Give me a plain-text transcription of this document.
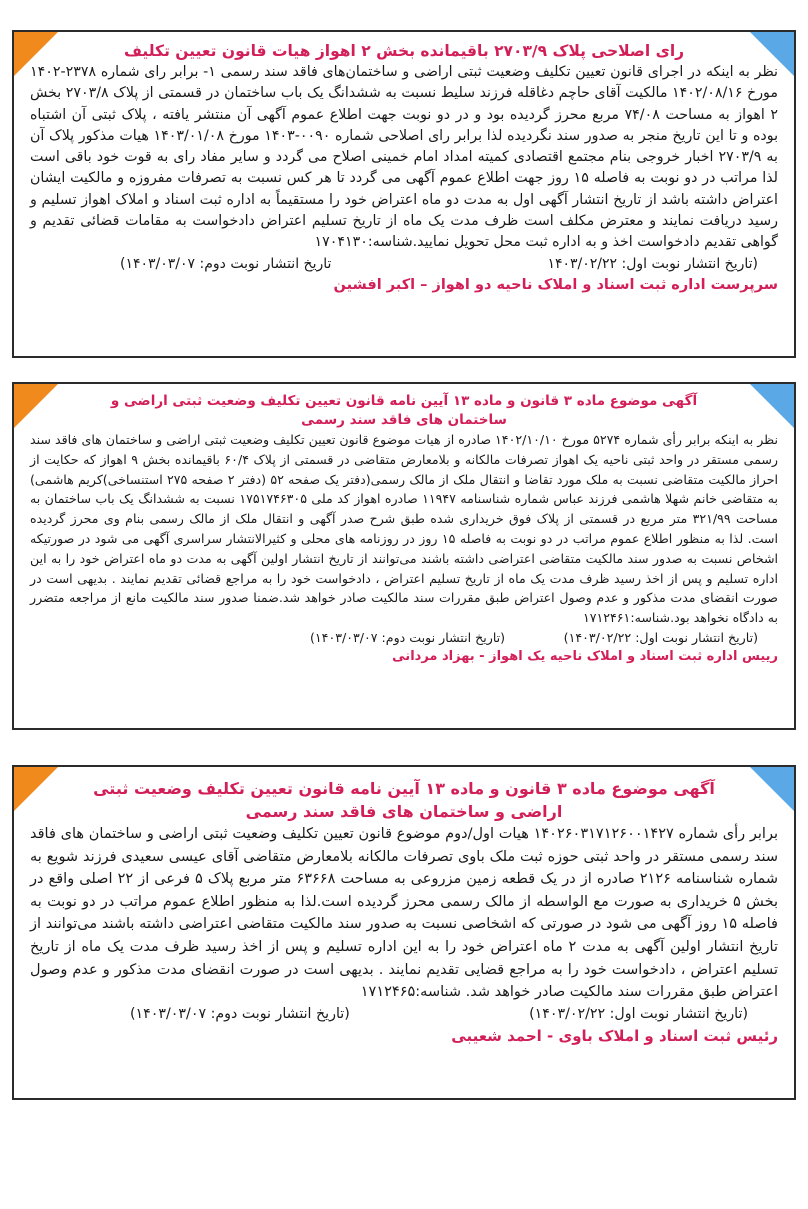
رای اصلاحی پلاک ۲۷۰۳/۹ باقیمانده بخش ۲ اهواز هیات قانون تعیین تکلیف

نظر به اینکه در اجرای قانون تعیین تکلیف وضعیت ثبتی اراضی و ساختمان‌های فاقد سند رسمی ۱- برابر رای شماره ۲۳۷۸-۱۴۰۲ مورخ ۱۴۰۲/۰۸/۱۶ مالکیت آقای حاچم دغاقله فرزند سلیط نسبت به ششدانگ یک باب ساختمان در قسمتی از پلاک ۲۷۰۳/۸ بخش ۲ اهواز به مساحت ۷۴/۰۸ مربع محرز گردیده بود و در دو نوبت جهت اطلاع عموم آگهی آن منتشر یافته ، پلاک ثبتی آن اشتباه بوده و تا این تاریخ منجر به صدور سند نگردیده لذا برابر رای اصلاحی شماره ۰۰۹۰-۱۴۰۳ مورخ ۱۴۰۳/۰۱/۰۸ هیات مذکور پلاک آن به ۲۷۰۳/۹ اخبار خروجی بنام مجتمع اقتصادی کمیته امداد امام خمینی اصلاح می گردد و سایر مفاد رای به قوت خود باقی است لذا مراتب در دو نوبت به فاصله ۱۵ روز جهت اطلاع عموم آگهی می گردد تا هر کس نسبت به تصرفات مفروزه و مالکیت ایشان اعتراض داشته باشد از تاریخ انتشار آگهی اول به مدت دو ماه اعتراض خود را مستقیماً به اداره ثبت اسناد و املاک اهواز تسلیم و رسید دریافت نمایند و معترض مکلف است ظرف مدت یک ماه از تاریخ تسلیم اعتراض دادخواست به مقامات قضائی تقدیم و گواهی تقدیم دادخواست اخذ و به اداره ثبت محل تحویل نمایید.شناسه:۱۷۰۴۱۳۰

(تاریخ انتشار نوبت اول: ۱۴۰۳/۰۲/۲۲
تاریخ انتشار نوبت دوم: ۱۴۰۳/۰۳/۰۷)

سرپرست اداره ثبت اسناد و املاک ناحیه دو اهواز – اکبر افشین

آگهی موضوع ماده ۳ قانون و ماده ۱۳ آیین نامه قانون تعیین تکلیف وضعیت ثبتی اراضی و ساختمان های فاقد سند رسمی

نظر به اینکه برابر رأی شماره ۵۲۷۴ مورخ ۱۴۰۲/۱۰/۱۰ صادره از هیات موضوع قانون تعیین تکلیف وضعیت ثبتی اراضی و ساختمان های فاقد سند رسمی مستقر در واحد ثبتی ناحیه یک اهواز تصرفات مالکانه و بلامعارض متقاضی در قسمتی از پلاک ۶۰/۴ باقیمانده بخش ۹ اهواز که حکایت از احراز مالکیت متقاضی نسبت به ملک مورد تقاضا و انتقال ملک از مالک رسمی(دفتر یک صفحه ۵۲ (دفتر ۲ صفحه ۲۷۵ استنساخی)کریم هاشمی) به متقاضی خانم شهلا هاشمی فرزند عباس شماره شناسنامه ۱۱۹۴۷ صادره اهواز کد ملی ۱۷۵۱۷۴۶۳۰۵ نسبت به ششدانگ یک باب ساختمان به مساحت ۳۲۱/۹۹ متر مربع در قسمتی از پلاک فوق خریداری شده طبق شرح صدر آگهی و انتقال ملک از مالک رسمی بنام وی محرز گردیده است. لذا به منظور اطلاع عموم مراتب در دو نوبت به فاصله ۱۵ روز در روزنامه های محلی و کثیرالانتشار سراسری آگهی می شود در صورتیکه اشخاص نسبت به صدور سند مالکیت متقاضی اعتراضی داشته باشند می‌توانند از تاریخ انتشار اولین آگهی به مدت دو ماه اعتراض خود را به این اداره تسلیم و پس از اخذ رسید ظرف مدت یک ماه از تاریخ تسلیم اعتراض ، دادخواست خود را به مراجع قضائی تقدیم نمایند . بدیهی است در صورت انقضای مدت مذکور و عدم وصول اعتراض طبق مقررات سند مالکیت صادر خواهد شد.ضمنا صدور سند مالکیت مانع از مراجعه متضرر به دادگاه نخواهد بود.شناسه:۱۷۱۲۴۶۱

(تاریخ انتشار نوبت اول: ۱۴۰۳/۰۲/۲۲)
(تاریخ انتشار نوبت دوم: ۱۴۰۳/۰۳/۰۷)

رییس اداره ثبت اسناد و املاک ناحیه یک اهواز - بهزاد مردانی

آگهی موضوع ماده ۳ قانون و ماده ۱۳ آیین نامه قانون تعیین تکلیف وضعیت ثبتی اراضی و ساختمان های فاقد سند رسمی

برابر رأی شماره ۱۴۰۲۶۰۳۱۷۱۲۶۰۰۱۴۲۷ هیات اول/دوم موضوع قانون تعیین تکلیف وضعیت ثبتی اراضی و ساختمان های فاقد سند رسمی مستقر در واحد ثبتی حوزه ثبت ملک باوی تصرفات مالکانه بلامعارض متقاضی آقای عیسی سعیدی فرزند شویع به شماره شناسنامه ۲۱۲۶ صادره از در یک قطعه زمین مزروعی به مساحت ۶۳۶۶۸ متر مربع پلاک ۵ فرعی از ۲۲ اصلی واقع در بخش ۵ خریداری به صورت مع الواسطه از مالک رسمی محرز گردیده است.لذا به منظور اطلاع عموم مراتب در دو نوبت به فاصله ۱۵ روز آگهی می شود در صورتی که اشخاصی نسبت به صدور سند مالکیت متقاضی اعتراضی داشته باشند می‌توانند از تاریخ انتشار اولین آگهی به مدت ۲ ماه اعتراض خود را به این اداره تسلیم و پس از اخذ رسید ظرف مدت یک ماه از تاریخ تسلیم اعتراض ، دادخواست خود را به مراجع قضایی تقدیم نمایند . بدیهی است در صورت انقضای مدت مذکور و عدم وصول اعتراض طبق مقررات سند مالکیت صادر خواهد شد. شناسه:۱۷۱۲۴۶۵

(تاریخ انتشار نوبت اول: ۱۴۰۳/۰۲/۲۲)
(تاریخ انتشار نوبت دوم: ۱۴۰۳/۰۳/۰۷)

رئیس ثبت اسناد و املاک باوی - احمد شعیبی
